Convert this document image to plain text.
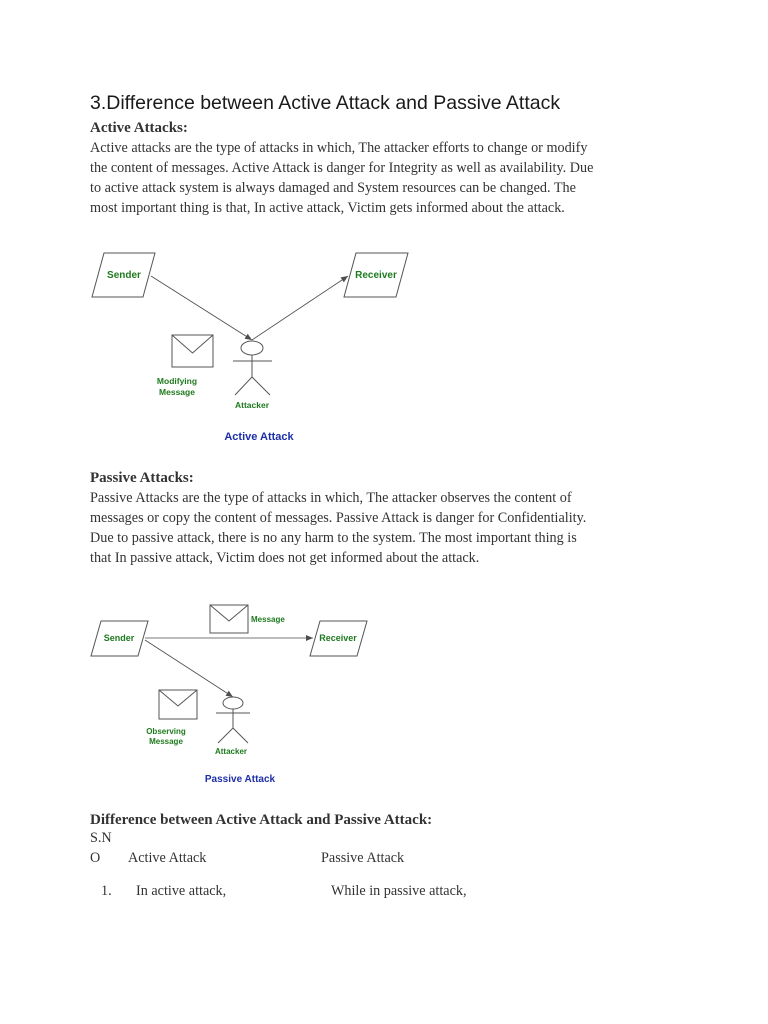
3.Difference between Active Attack and Passive Attack
Active Attacks:
Active attacks are the type of attacks in which, The attacker efforts to change or modify
the content of messages. Active Attack is danger for Integrity as well as availability. Due
to active attack system is always damaged and System resources can be changed. The
most important thing is that, In active attack, Victim gets informed about the attack.
Sender	Receiver
Modifying
Message
Attacker
Active Attack
Passive Attacks:
Passive Attacks are the type of attacks in which, The attacker observes the content of
messages or copy the content of messages. Passive Attack is danger for Confidentiality.
Due to passive attack, there is no any harm to the system. The most important thing is
that In passive attack, Victim does not get informed about the attack.
Sender	Receiver
Message
Observing
Message
Attacker
Passive Attack
Difference between Active Attack and Passive Attack:
S.N
O Active Attack	Passive Attack
1. In active attack,	While in passive attack,
